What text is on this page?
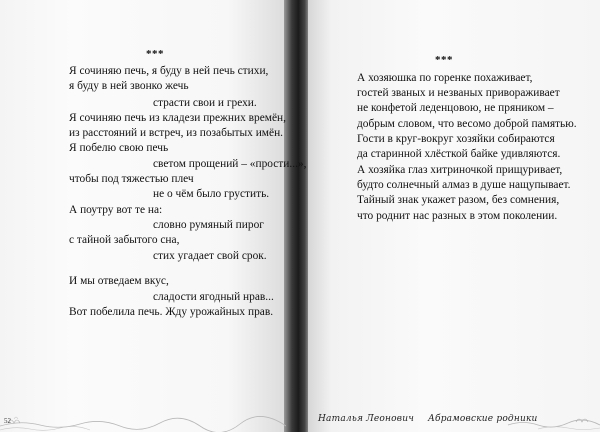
***
Я сочиняю печь, я буду в ней печь стихи,
я буду в ней звонко жечь
страсти свои и грехи.
Я сочиняю печь из кладези прежних времён,
из расстояний и встреч, из позабытых имён.
Я побелю свою печь
светом прощений – «прости...»,
чтобы под тяжестью плеч
не о чём было грустить.
А поутру вот те на:
словно румяный пирог
с тайной забытого сна,
стих угадает свой срок.
И мы отведаем вкус,
сладости ягодный нрав...
Вот побелила печь. Жду урожайных прав.
***
А хозяюшка по горенке похаживает,
гостей званых и незваных привораживает
не конфетой леденцовою, не пряником –
добрым словом, что весомо доброй памятью.
Гости в круг-вокруг хозяйки собираются
да старинной хлёсткой байке удивляются.
А хозяйка глаз хитриночкой прищуривает,
будто солнечный алмаз в душе нащупывает.
Тайный знак укажет разом, без сомнения,
что роднит нас разных в этом поколении.
52	Наталья Леонович Абрамовские родники
